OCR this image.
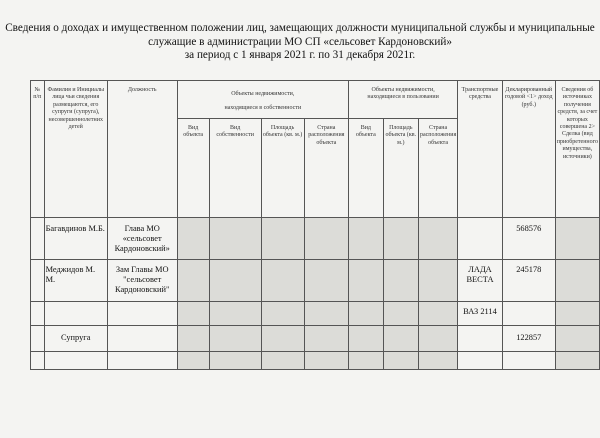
Сведения о доходах и имущественном положении лиц, замещающих должности муниципальной службы и муниципальные
служащие в администрации МО СП «сельсовет Кардоновский»
за период с 1 января 2021 г. по 31 декабря 2021г.
№ п/п	Фамилия и Инициалы лица чьи сведения размещаются, его супруги (супруга), несовершеннолетних детей	Должность	Объекты недвижимости, находящиеся в собственности				Объекты недвижимости, находящиеся в пользовании			Транспортные средства	Декларированный годовой <1> доход (руб.)	Сведения об источниках получения средств, за счет которых совершена 2> Сделка (вид приобретенного имущества, источники)
			Вид объекта	Вид собственности	Площадь объекта (кв. м.)	Страна расположения объекта	Вид объекта	Площадь объекта (кв. м.)	Страна расположения объекта			
	Багавдинов М.Б.	Глава МО «сельсовет Кардоновский»									568576	
	Меджидов М. М.	Зам Главы МО "сельсовет Кардоновский"								ЛАДА ВЕСТА	245178	
										ВАЗ 2114		
	Супруга										122857	
